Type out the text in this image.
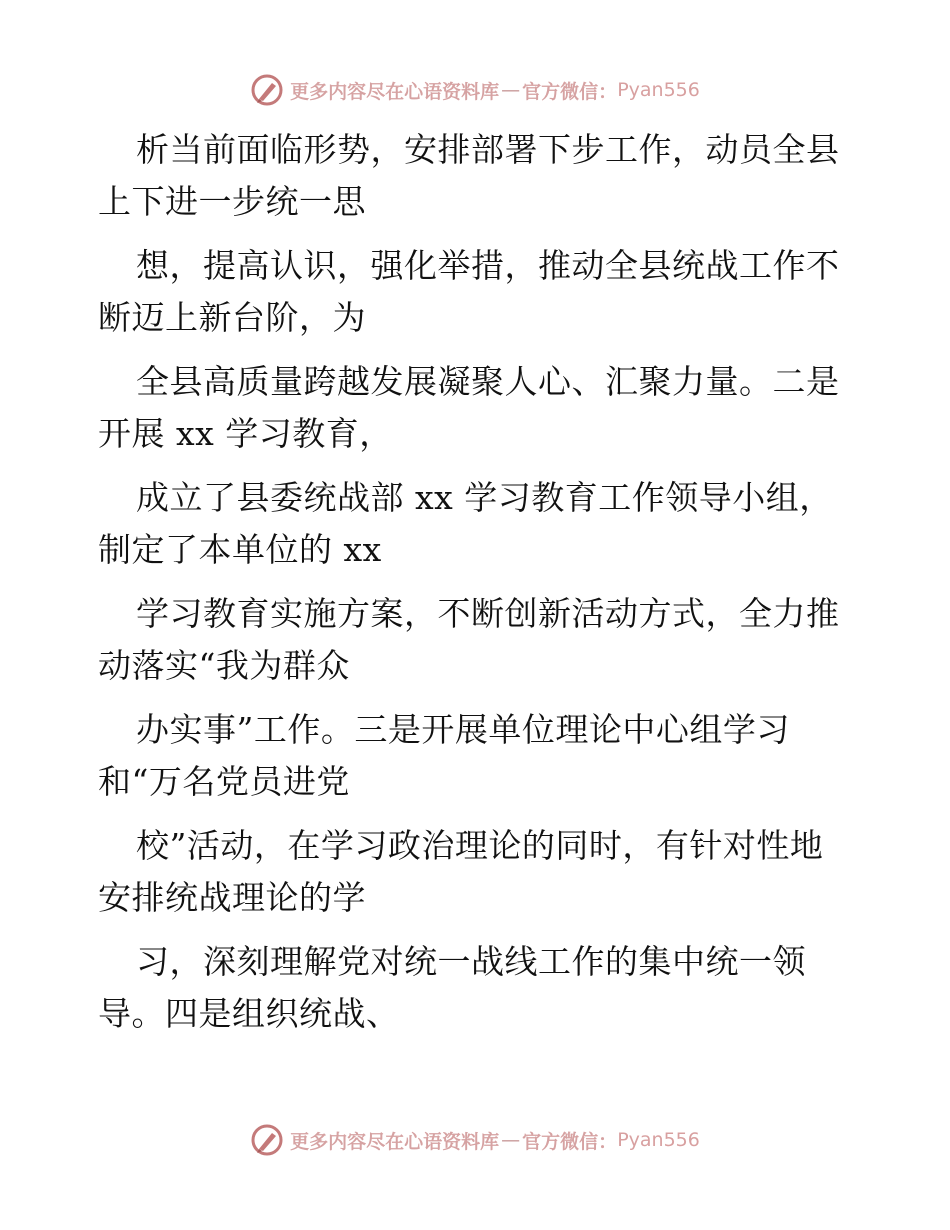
更多内容尽在心语资料库 — 官方微信： Pyan556
析当前面临形势，安排部署下步工作，动员全县
上下进一步统一思
想，提高认识，强化举措，推动全县统战工作不
断迈上新台阶，为
全县高质量跨越发展凝聚人心、汇聚力量。二是
开展 xx 学习教育，
成立了县委统战部 xx 学习教育工作领导小组，
制定了本单位的 xx
学习教育实施方案，不断创新活动方式，全力推
动落实“我为群众
办实事”工作。三是开展单位理论中心组学习
和“万名党员进党
校”活动，在学习政治理论的同时，有针对性地
安排统战理论的学
习，深刻理解党对统一战线工作的集中统一领
导。四是组织统战、
更多内容尽在心语资料库 — 官方微信： Pyan556
